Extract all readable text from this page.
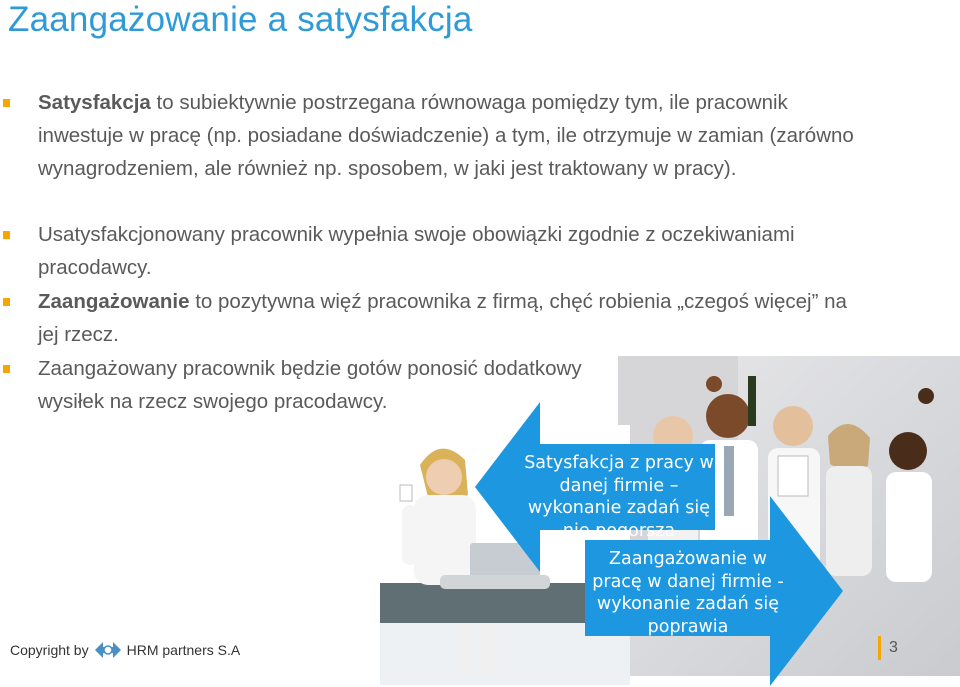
Zaangażowanie a satysfakcja
Satysfakcja to subiektywnie postrzegana równowaga pomiędzy tym, ile pracownik inwestuje w pracę (np. posiadane doświadczenie) a tym, ile otrzymuje w zamian (zarówno wynagrodzeniem, ale również np. sposobem, w jaki jest traktowany w pracy).
Usatysfakcjonowany pracownik wypełnia swoje obowiązki zgodnie z oczekiwaniami pracodawcy.
Zaangażowanie to pozytywna więź pracownika z firmą, chęć robienia „czegoś więcej” na jej rzecz.
Zaangażowany pracownik będzie gotów ponosić dodatkowy wysiłek na rzecz swojego pracodawcy.
Satysfakcja z pracy w danej firmie – wykonanie zadań się nie pogorsza
Zaangażowanie w pracę w danej firmie - wykonanie zadań się poprawia
Copyright by	HRM partners S.A	3
